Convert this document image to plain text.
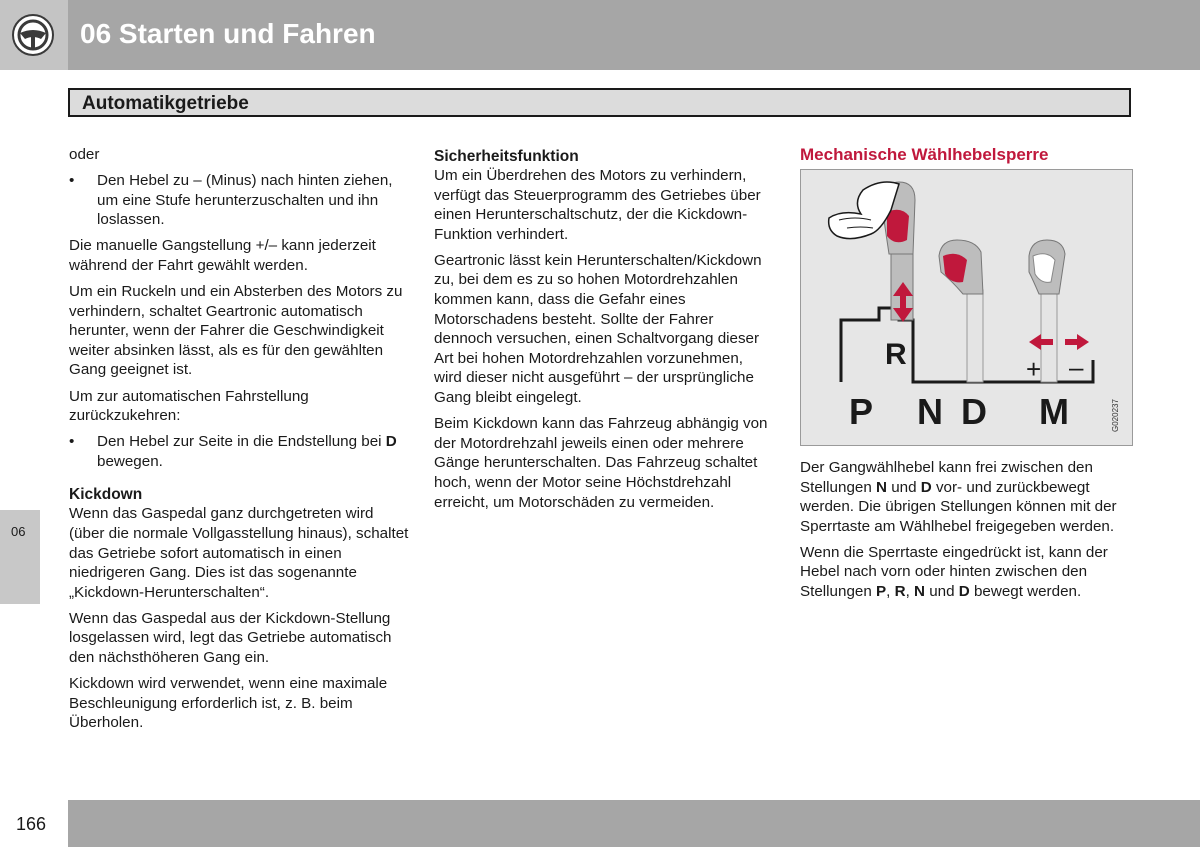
06 Starten und Fahren
Automatikgetriebe
06

oder

• Den Hebel zu – (Minus) nach hinten ziehen, um eine Stufe herunterzuschalten und ihn loslassen.

Die manuelle Gangstellung +/– kann jederzeit während der Fahrt gewählt werden.

Um ein Ruckeln und ein Absterben des Motors zu verhindern, schaltet Geartronic automatisch herunter, wenn der Fahrer die Geschwindigkeit weiter absinken lässt, als es für den gewählten Gang geeignet ist.

Um zur automatischen Fahrstellung zurückzukehren:

• Den Hebel zur Seite in die Endstellung bei D bewegen.
Kickdown

Wenn das Gaspedal ganz durchgetreten wird (über die normale Vollgasstellung hinaus), schaltet das Getriebe sofort automatisch in einen niedrigeren Gang. Dies ist das sogenannte „Kickdown-Herunterschalten“.

Wenn das Gaspedal aus der Kickdown-Stellung losgelassen wird, legt das Getriebe automatisch den nächsthöheren Gang ein.

Kickdown wird verwendet, wenn eine maximale Beschleunigung erforderlich ist, z. B. beim Überholen.

Sicherheitsfunktion

Um ein Überdrehen des Motors zu verhindern, verfügt das Steuerprogramm des Getriebes über einen Herunterschaltschutz, der die Kickdown-Funktion verhindert.

Geartronic lässt kein Herunterschalten/Kickdown zu, bei dem es zu so hohen Motordrehzahlen kommen kann, dass die Gefahr eines Motorschadens besteht. Sollte der Fahrer dennoch versuchen, einen Schaltvorgang dieser Art bei hohen Motordrehzahlen vorzunehmen, wird dieser nicht ausgeführt – der ursprüngliche Gang bleibt eingelegt.

Beim Kickdown kann das Fahrzeug abhängig von der Motordrehzahl jeweils einen oder mehrere Gänge herunterschalten. Das Fahrzeug schaltet hoch, wenn der Motor seine Höchstdrehzahl erreicht, um Motorschäden zu vermeiden.

Mechanische Wählhebelsperre
R	+ –
P N D M	G020237

Der Gangwählhebel kann frei zwischen den Stellungen N und D vor- und zurückbewegt werden. Die übrigen Stellungen können mit der Sperrtaste am Wählhebel freigegeben werden.

Wenn die Sperrtaste eingedrückt ist, kann der Hebel nach vorn oder hinten zwischen den Stellungen P, R, N und D bewegt werden.

166
